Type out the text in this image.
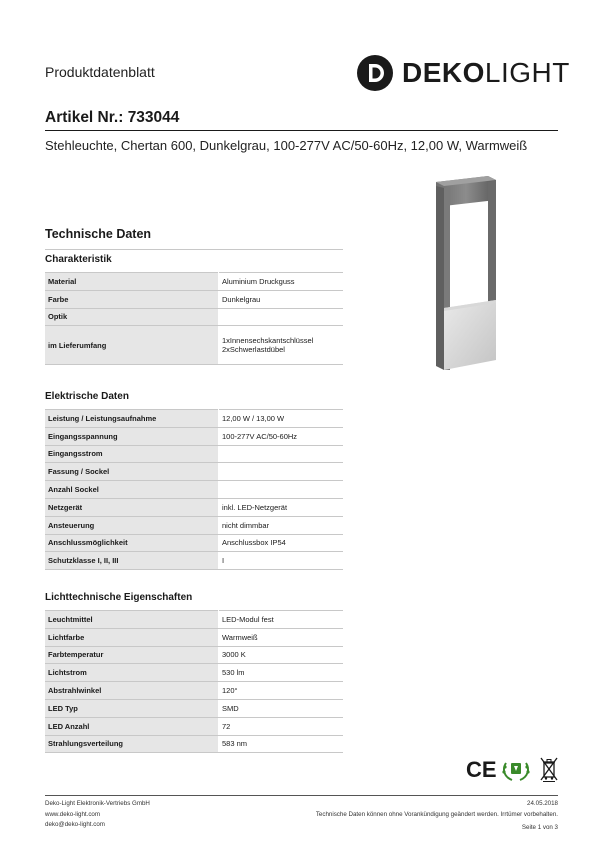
Produktdatenblatt	DEKOLIGHT
Artikel Nr.: 733044
Stehleuchte, Chertan 600, Dunkelgrau, 100-277V AC/50-60Hz, 12,00 W, Warmweiß
Technische Daten
Charakteristik
Material	Aluminium Druckguss
Farbe	Dunkelgrau
Optik	
im Lieferumfang	1xInnensechskantschlüssel
2xSchwerlastdübel
Elektrische Daten
Leistung / Leistungsaufnahme	12,00 W / 13,00 W
Eingangsspannung	100-277V AC/50-60Hz
Eingangsstrom	
Fassung / Sockel	
Anzahl Sockel	
Netzgerät	inkl. LED-Netzgerät
Ansteuerung	nicht dimmbar
Anschlussmöglichkeit	Anschlussbox IP54
Schutzklasse I, II, III	I
Lichttechnische Eigenschaften
Leuchtmittel	LED-Modul fest
Lichtfarbe	Warmweiß
Farbtemperatur	3000 K
Lichtstrom	530 lm
Abstrahlwinkel	120°
LED Typ	SMD
LED Anzahl	72
Strahlungsverteilung	583 nm
CE
Deko-Light Elektronik-Vertriebs GmbH
www.deko-light.com
deko@deko-light.com
24.05.2018
Technische Daten können ohne Vorankündigung geändert werden. Irrtümer vorbehalten.
Seite 1 von 3
